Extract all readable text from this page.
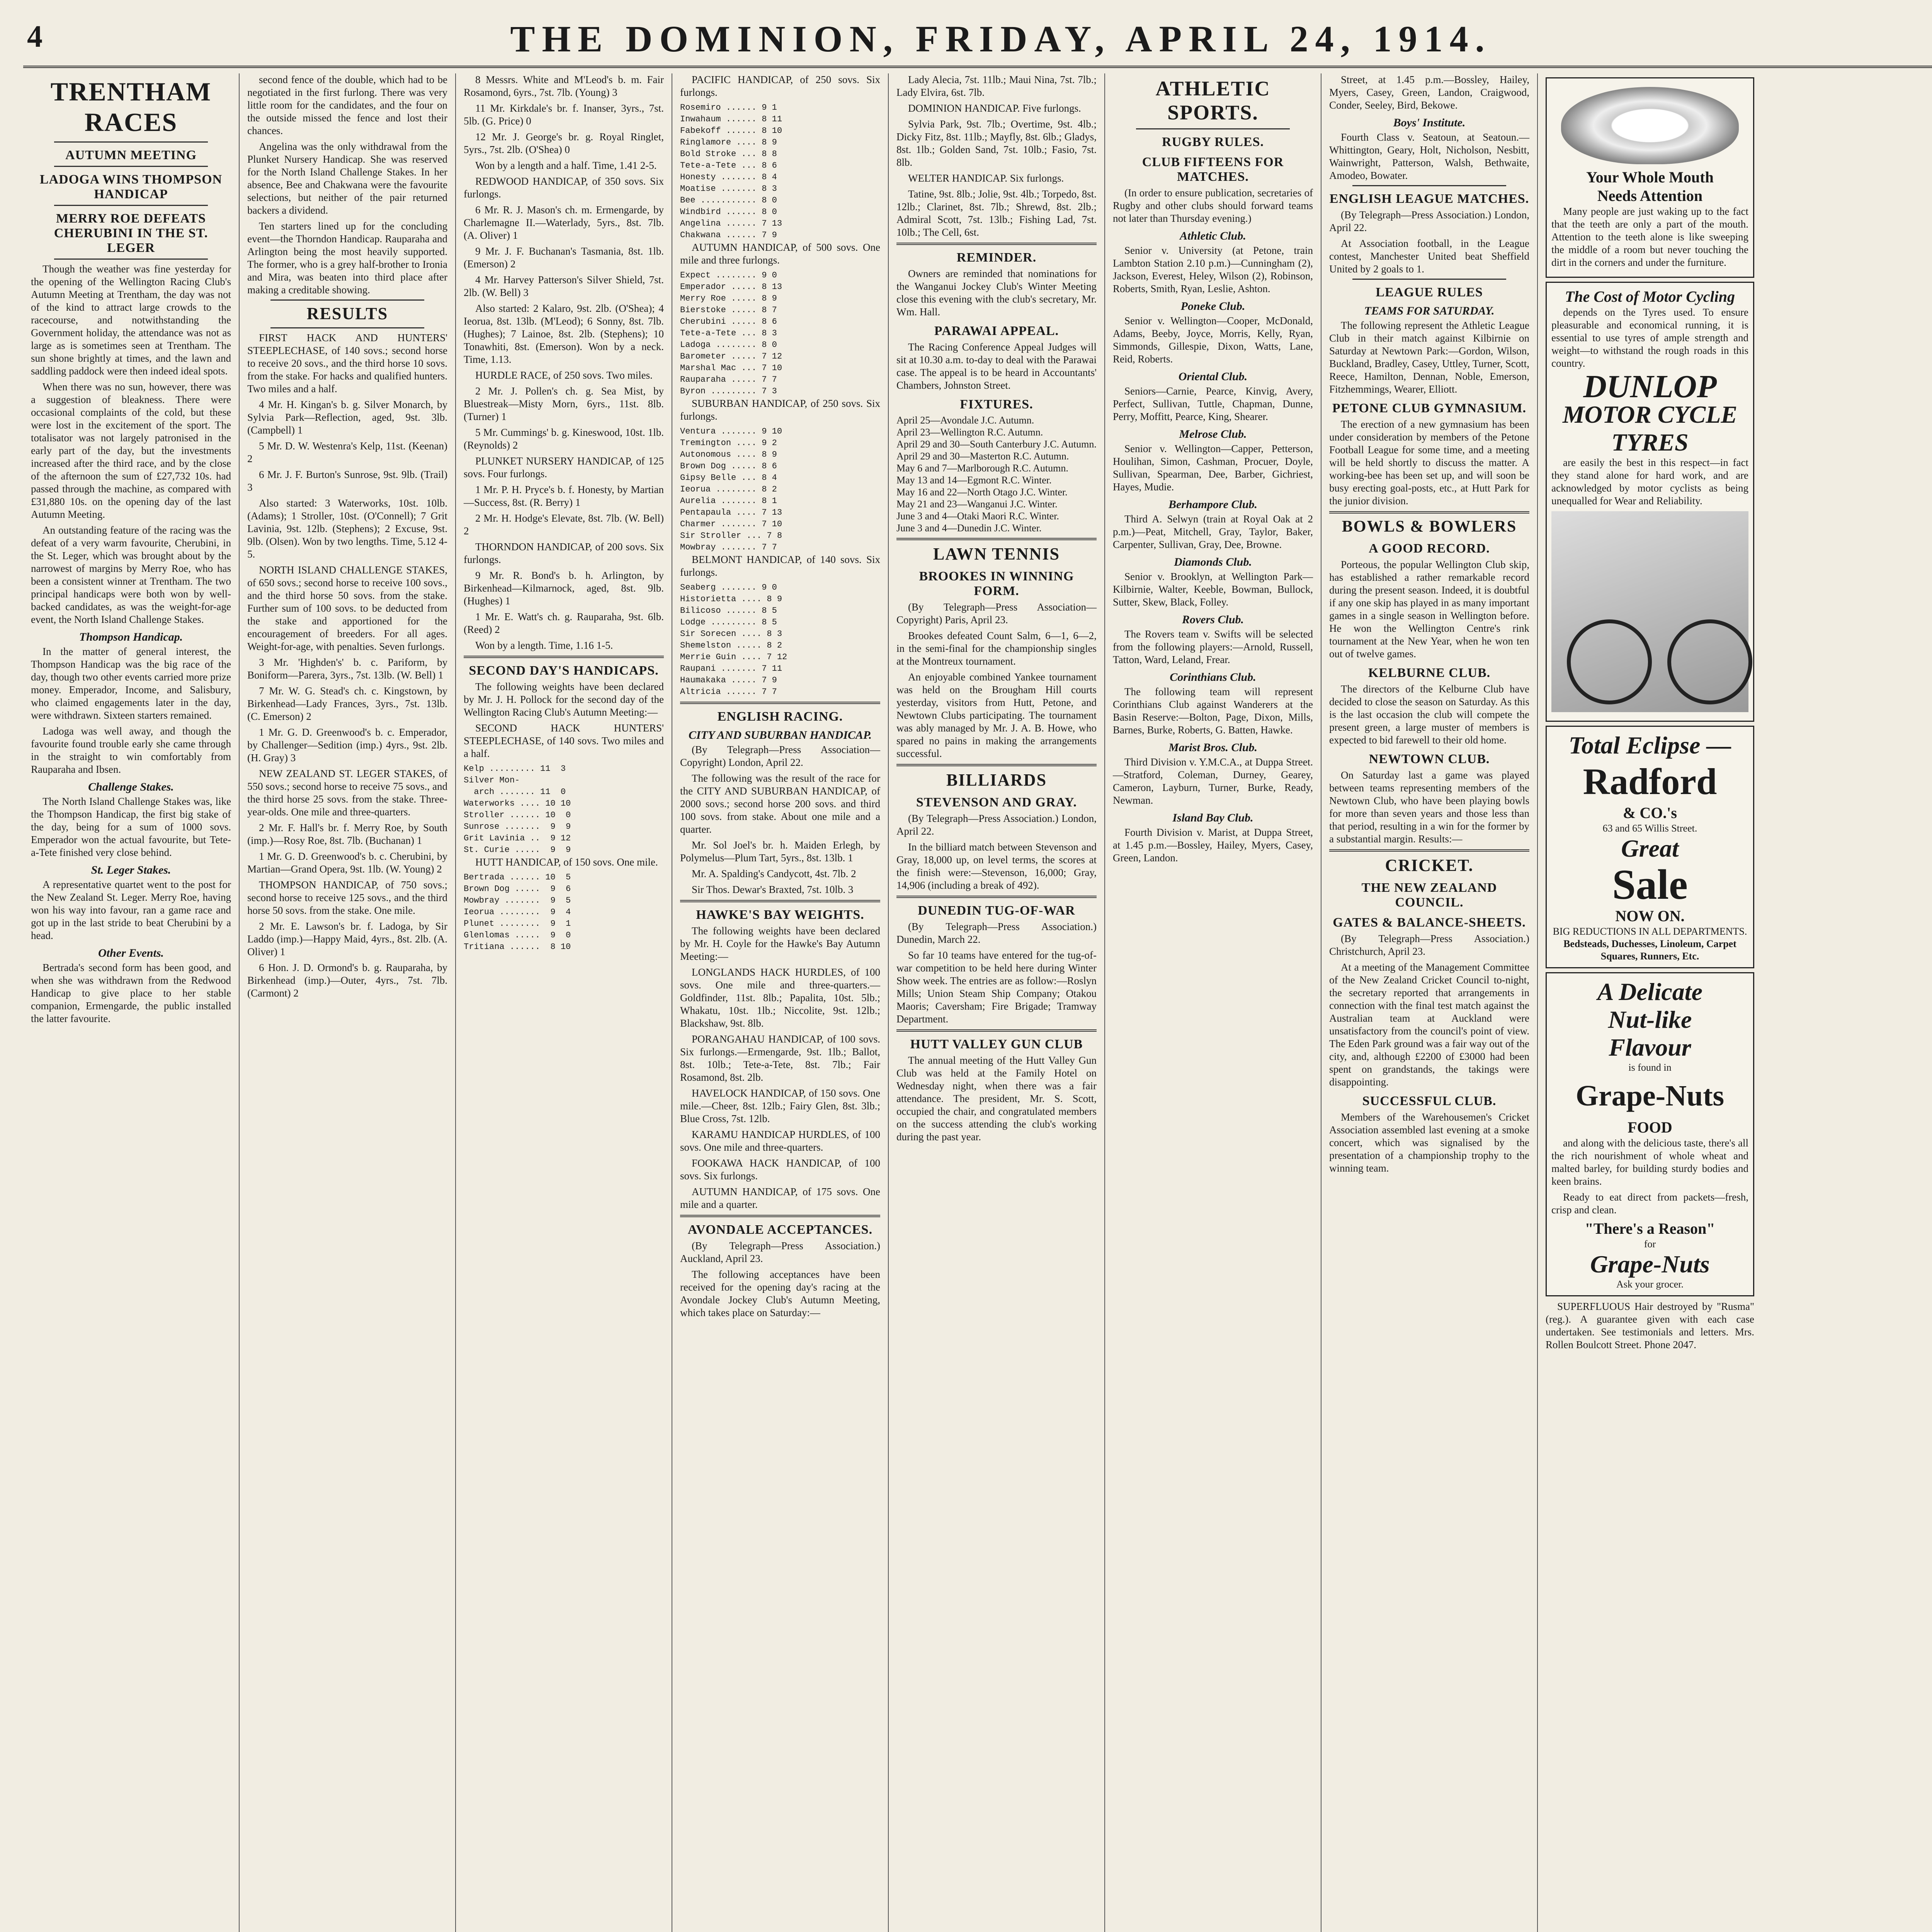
4	THE DOMINION, FRIDAY, APRIL 24, 1914.
TRENTHAM RACES
AUTUMN MEETING
LADOGA WINS THOMPSON HANDICAP
MERRY ROE DEFEATS CHERUBINI IN THE ST. LEGER

Though the weather was fine yesterday for the opening of the Wellington Racing Club's Autumn Meeting at Trentham, the day was not of the kind to attract large crowds to the racecourse, and notwithstanding the Government holiday, the attendance was not as large as is sometimes seen at Trentham. The sun shone brightly at times, and the lawn and saddling paddock were then indeed ideal spots.

When there was no sun, however, there was a suggestion of bleakness. There were occasional complaints of the cold, but these were lost in the excitement of the sport. The totalisator was not largely patronised in the early part of the day, but the investments increased after the third race, and by the close of the afternoon the sum of £27,732 10s. had passed through the machine, as compared with £31,880 10s. on the opening day of the last Autumn Meeting.

An outstanding feature of the racing was the defeat of a very warm favourite, Cherubini, in the St. Leger, which was brought about by the narrowest of margins by Merry Roe, who has been a consistent winner at Trentham. The two principal handicaps were both won by well-backed candidates, as was the weight-for-age event, the North Island Challenge Stakes.

Thompson Handicap.

In the matter of general interest, the Thompson Handicap was the big race of the day, though two other events carried more prize money. Emperador, Income, and Salisbury, who claimed engagements later in the day, were withdrawn. Sixteen starters remained.

Ladoga was well away, and though the favourite found trouble early she came through in the straight to win comfortably from Rauparaha and Ibsen.

Challenge Stakes.

The North Island Challenge Stakes was, like the Thompson Handicap, the first big stake of the day, being for a sum of 1000 sovs. Emperador won the actual favourite, but Tete-a-Tete finished very close behind.

St. Leger Stakes.

A representative quartet went to the post for the New Zealand St. Leger. Merry Roe, having won his way into favour, ran a game race and got up in the last stride to beat Cherubini by a head.

Other Events.

Bertrada's second form has been good, and when she was withdrawn from the Redwood Handicap to give place to her stable companion, Ermengarde, the public installed the latter favourite.

second fence of the double, which had to be negotiated in the first furlong. There was very little room for the candidates, and the four on the outside missed the fence and lost their chances.

Angelina was the only withdrawal from the Plunket Nursery Handicap. She was reserved for the North Island Challenge Stakes. In her absence, Bee and Chakwana were the favourite selections, but neither of the pair returned backers a dividend.

Ten starters lined up for the concluding event—the Thorndon Handicap. Rauparaha and Arlington being the most heavily supported. The former, who is a grey half-brother to Ironia and Mira, was beaten into third place after making a creditable showing.

RESULTS

FIRST HACK AND HUNTERS' STEEPLECHASE, of 140 sovs.; second horse to receive 20 sovs., and the third horse 10 sovs. from the stake. For hacks and qualified hunters. Two miles and a half.

4 Mr. H. Kingan's b. g. Silver Monarch, by Sylvia Park—Reflection, aged, 9st. 3lb. (Campbell) 1

5 Mr. D. W. Westenra's Kelp, 11st. (Keenan) 2

6 Mr. J. F. Burton's Sunrose, 9st. 9lb. (Trail) 3

Also started: 3 Waterworks, 10st. 10lb. (Adams); 1 Stroller, 10st. (O'Connell); 7 Grit Lavinia, 9st. 12lb. (Stephens); 2 Excuse, 9st. 9lb. (Olsen). Won by two lengths. Time, 5.12 4-5.

NORTH ISLAND CHALLENGE STAKES, of 650 sovs.; second horse to receive 100 sovs., and the third horse 50 sovs. from the stake. Further sum of 100 sovs. to be deducted from the stake and apportioned for the encouragement of breeders. For all ages. Weight-for-age, with penalties. Seven furlongs.

3 Mr. 'Highden's' b. c. Pariform, by Boniform—Parera, 3yrs., 7st. 13lb. (W. Bell) 1

7 Mr. W. G. Stead's ch. c. Kingstown, by Birkenhead—Lady Frances, 3yrs., 7st. 13lb. (C. Emerson) 2

1 Mr. G. D. Greenwood's b. c. Emperador, by Challenger—Sedition (imp.) 4yrs., 9st. 2lb. (H. Gray) 3

NEW ZEALAND ST. LEGER STAKES, of 550 sovs.; second horse to receive 75 sovs., and the third horse 25 sovs. from the stake. Three-year-olds. One mile and three-quarters.

2 Mr. F. Hall's br. f. Merry Roe, by South (imp.)—Rosy Roe, 8st. 7lb. (Buchanan) 1

1 Mr. G. D. Greenwood's b. c. Cherubini, by Martian—Grand Opera, 9st. 1lb. (W. Young) 2

THOMPSON HANDICAP, of 750 sovs.; second horse to receive 125 sovs., and the third horse 50 sovs. from the stake. One mile.

2 Mr. E. Lawson's br. f. Ladoga, by Sir Laddo (imp.)—Happy Maid, 4yrs., 8st. 2lb. (A. Oliver) 1

6 Hon. J. D. Ormond's b. g. Rauparaha, by Birkenhead (imp.)—Outer, 4yrs., 7st. 7lb. (Carmont) 2

8 Messrs. White and M'Leod's b. m. Fair Rosamond, 6yrs., 7st. 7lb. (Young) 3

11 Mr. Kirkdale's br. f. Inanser, 3yrs., 7st. 5lb. (G. Price) 0

12 Mr. J. George's br. g. Royal Ringlet, 5yrs., 7st. 2lb. (O'Shea) 0

Won by a length and a half. Time, 1.41 2-5.

REDWOOD HANDICAP, of 350 sovs. Six furlongs.

6 Mr. R. J. Mason's ch. m. Ermengarde, by Charlemagne II.—Waterlady, 5yrs., 8st. 7lb. (A. Oliver) 1

9 Mr. J. F. Buchanan's Tasmania, 8st. 1lb. (Emerson) 2

4 Mr. Harvey Patterson's Silver Shield, 7st. 2lb. (W. Bell) 3

Also started: 2 Kalaro, 9st. 2lb. (O'Shea); 4 Ieorua, 8st. 13lb. (M'Leod); 6 Sonny, 8st. 7lb. (Hughes); 7 Lainoe, 8st. 2lb. (Stephens); 10 Tonawhiti, 8st. (Emerson). Won by a neck. Time, 1.13.

HURDLE RACE, of 250 sovs. Two miles.

2 Mr. J. Pollen's ch. g. Sea Mist, by Bluestreak—Misty Morn, 6yrs., 11st. 8lb. (Turner) 1

5 Mr. Cummings' b. g. Kineswood, 10st. 1lb. (Reynolds) 2

PLUNKET NURSERY HANDICAP, of 125 sovs. Four furlongs.

1 Mr. P. H. Pryce's b. f. Honesty, by Martian—Success, 8st. (R. Berry) 1

2 Mr. H. Hodge's Elevate, 8st. 7lb. (W. Bell) 2

THORNDON HANDICAP, of 200 sovs. Six furlongs.

9 Mr. R. Bond's b. h. Arlington, by Birkenhead—Kilmarnock, aged, 8st. 9lb. (Hughes) 1

1 Mr. E. Watt's ch. g. Rauparaha, 9st. 6lb. (Reed) 2

Won by a length. Time, 1.16 1-5.

SECOND DAY'S HANDICAPS.

The following weights have been declared by Mr. J. H. Pollock for the second day of the Wellington Racing Club's Autumn Meeting:—

SECOND HACK HUNTERS' STEEPLECHASE, of 140 sovs. Two miles and a half.

Kelp ......... 11  3
Silver Mon-
arch ....... 11  0
Waterworks .... 10 10
Stroller ...... 10  0
Sunrose .......  9  9
Grit Lavinia ..  9 12
St. Curie .....  9  9

HUTT HANDICAP, of 150 sovs. One mile.

Bertrada ...... 10  5
Brown Dog .....  9  6
Mowbray .......  9  5
Ieorua ........  9  4
Plunet ........  9  1
Glenlomas .....  9  0
Tritiana ......  8 10

PACIFIC HANDICAP, of 250 sovs. Six furlongs.

Rosemiro ...... 9 1
Inwahaum ...... 8 11
Fabekoff ...... 8 10
Ringlamore .... 8 9
Bold Stroke ... 8 8
Tete-a-Tete ... 8 6
Honesty ....... 8 4
Moatise ....... 8 3
Bee ........... 8 0
Windbird ...... 8 0
Angelina ...... 7 13
Chakwana ...... 7 9

AUTUMN HANDICAP, of 500 sovs. One mile and three furlongs.

Expect ........ 9 0
Emperador ..... 8 13
Merry Roe ..... 8 9
Bierstoke ..... 8 7
Cherubini ..... 8 6
Tete-a-Tete ... 8 3
Ladoga ........ 8 0
Barometer ..... 7 12
Marshal Mac ... 7 10
Rauparaha ..... 7 7
Byron ......... 7 3

SUBURBAN HANDICAP, of 250 sovs. Six furlongs.

Ventura ....... 9 10
Tremington .... 9 2
Autonomous .... 8 9
Brown Dog ..... 8 6
Gipsy Belle ... 8 4
Ieorua ........ 8 2
Aurelia ....... 8 1
Pentapaula .... 7 13
Charmer ....... 7 10
Sir Stroller ... 7 8
Mowbray ....... 7 7

BELMONT HANDICAP, of 140 sovs. Six furlongs.

Seaberg ....... 9 0
Historietta .... 8 9
Bilicoso ...... 8 5
Lodge ......... 8 5
Sir Sorecen .... 8 3
Shemelston ..... 8 2
Merrie Guin .... 7 12
Raupani ....... 7 11
Haumakaka ..... 7 9
Altricia ...... 7 7
ENGLISH RACING.
CITY AND SUBURBAN HANDICAP.

(By Telegraph—Press Association—Copyright) London, April 22.

The following was the result of the race for the CITY AND SUBURBAN HANDICAP, of 2000 sovs.; second horse 200 sovs. and third 100 sovs. from stake. About one mile and a quarter.

Mr. Sol Joel's br. h. Maiden Erlegh, by Polymelus—Plum Tart, 5yrs., 8st. 13lb. 1

Mr. A. Spalding's Candycott, 4st. 7lb. 2

Sir Thos. Dewar's Braxted, 7st. 10lb. 3

HAWKE'S BAY WEIGHTS.

The following weights have been declared by Mr. H. Coyle for the Hawke's Bay Autumn Meeting:—

LONGLANDS HACK HURDLES, of 100 sovs. One mile and three-quarters.—Goldfinder, 11st. 8lb.; Papalita, 10st. 5lb.; Whakatu, 10st. 1lb.; Niccolite, 9st. 12lb.; Blackshaw, 9st. 8lb.

PORANGAHAU HANDICAP, of 100 sovs. Six furlongs.—Ermengarde, 9st. 1lb.; Ballot, 8st. 10lb.; Tete-a-Tete, 8st. 7lb.; Fair Rosamond, 8st. 2lb.

HAVELOCK HANDICAP, of 150 sovs. One mile.—Cheer, 8st. 12lb.; Fairy Glen, 8st. 3lb.; Blue Cross, 7st. 12lb.

KARAMU HANDICAP HURDLES, of 100 sovs. One mile and three-quarters.

FOOKAWA HACK HANDICAP, of 100 sovs. Six furlongs.

AUTUMN HANDICAP, of 175 sovs. One mile and a quarter.

AVONDALE ACCEPTANCES.

(By Telegraph—Press Association.) Auckland, April 23.

The following acceptances have been received for the opening day's racing at the Avondale Jockey Club's Autumn Meeting, which takes place on Saturday:—

Lady Alecia, 7st. 11lb.; Maui Nina, 7st. 7lb.; Lady Elvira, 6st. 7lb.

DOMINION HANDICAP. Five furlongs.

Sylvia Park, 9st. 7lb.; Overtime, 9st. 4lb.; Dicky Fitz, 8st. 11lb.; Mayfly, 8st. 6lb.; Gladys, 8st. 1lb.; Golden Sand, 7st. 10lb.; Fasio, 7st. 8lb.

WELTER HANDICAP. Six furlongs.

Tatine, 9st. 8lb.; Jolie, 9st. 4lb.; Torpedo, 8st. 12lb.; Clarinet, 8st. 7lb.; Shrewd, 8st. 2lb.; Admiral Scott, 7st. 13lb.; Fishing Lad, 7st. 10lb.; The Cell, 6st.

REMINDER.

Owners are reminded that nominations for the Wanganui Jockey Club's Winter Meeting close this evening with the club's secretary, Mr. Wm. Hall.

PARAWAI APPEAL.

The Racing Conference Appeal Judges will sit at 10.30 a.m. to-day to deal with the Parawai case. The appeal is to be heard in Accountants' Chambers, Johnston Street.

FIXTURES.
April 25—Avondale J.C. Autumn.
April 23—Wellington R.C. Autumn.
April 29 and 30—South Canterbury J.C. Autumn.
April 29 and 30—Masterton R.C. Autumn.
May 6 and 7—Marlborough R.C. Autumn.
May 13 and 14—Egmont R.C. Winter.
May 16 and 22—North Otago J.C. Winter.
May 21 and 23—Wanganui J.C. Winter.
June 3 and 4—Otaki Maori R.C. Winter.
June 3 and 4—Dunedin J.C. Winter.
LAWN TENNIS
BROOKES IN WINNING FORM.

(By Telegraph—Press Association—Copyright) Paris, April 23.

Brookes defeated Count Salm, 6—1, 6—2, in the semi-final for the championship singles at the Montreux tournament.

An enjoyable combined Yankee tournament was held on the Brougham Hill courts yesterday, visitors from Hutt, Petone, and Newtown Clubs participating. The tournament was ably managed by Mr. J. A. B. Howe, who spared no pains in making the arrangements successful.

BILLIARDS
STEVENSON AND GRAY.

(By Telegraph—Press Association.) London, April 22.

In the billiard match between Stevenson and Gray, 18,000 up, on level terms, the scores at the finish were:—Stevenson, 16,000; Gray, 14,906 (including a break of 492).

DUNEDIN TUG-OF-WAR

(By Telegraph—Press Association.) Dunedin, March 22.

So far 10 teams have entered for the tug-of-war competition to be held here during Winter Show week. The entries are as follow:—Roslyn Mills; Union Steam Ship Company; Otakou Maoris; Caversham; Fire Brigade; Tramway Department.

HUTT VALLEY GUN CLUB

The annual meeting of the Hutt Valley Gun Club was held at the Family Hotel on Wednesday night, when there was a fair attendance. The president, Mr. S. Scott, occupied the chair, and congratulated members on the success attending the club's working during the past year.

ATHLETIC SPORTS.
RUGBY RULES.
CLUB FIFTEENS FOR MATCHES.

(In order to ensure publication, secretaries of Rugby and other clubs should forward teams not later than Thursday evening.)

Athletic Club.

Senior v. University (at Petone, train Lambton Station 2.10 p.m.)—Cunningham (2), Jackson, Everest, Heley, Wilson (2), Robinson, Roberts, Smith, Ryan, Leslie, Ashton.

Poneke Club.

Senior v. Wellington—Cooper, McDonald, Adams, Beeby, Joyce, Morris, Kelly, Ryan, Simmonds, Gillespie, Dixon, Watts, Lane, Reid, Roberts.

Oriental Club.

Seniors—Carnie, Pearce, Kinvig, Avery, Perfect, Sullivan, Tuttle, Chapman, Dunne, Perry, Moffitt, Pearce, King, Shearer.

Melrose Club.

Senior v. Wellington—Capper, Petterson, Houlihan, Simon, Cashman, Procuer, Doyle, Sullivan, Spearman, Dee, Barber, Gichriest, Hayes, Mudie.

Berhampore Club.

Third A. Selwyn (train at Royal Oak at 2 p.m.)—Peat, Mitchell, Gray, Taylor, Baker, Carpenter, Sullivan, Gray, Dee, Browne.

Diamonds Club.

Senior v. Brooklyn, at Wellington Park—Kilbirnie, Walter, Keeble, Bowman, Bullock, Sutter, Skew, Black, Folley.

Rovers Club.

The Rovers team v. Swifts will be selected from the following players:—Arnold, Russell, Tatton, Ward, Leland, Frear.

Corinthians Club.

The following team will represent Corinthians Club against Wanderers at the Basin Reserve:—Bolton, Page, Dixon, Mills, Barnes, Burke, Roberts, G. Batten, Hawke.

Marist Bros. Club.

Third Division v. Y.M.C.A., at Duppa Street.—Stratford, Coleman, Durney, Gearey, Cameron, Layburn, Turner, Burke, Ready, Newman.

Island Bay Club.

Fourth Division v. Marist, at Duppa Street, at 1.45 p.m.—Bossley, Hailey, Myers, Casey, Green, Landon.

Street, at 1.45 p.m.—Bossley, Hailey, Myers, Casey, Green, Landon, Craigwood, Conder, Seeley, Bird, Bekowe.

Boys' Institute.

Fourth Class v. Seatoun, at Seatoun.—Whittington, Geary, Holt, Nicholson, Nesbitt, Wainwright, Patterson, Walsh, Bethwaite, Amodeo, Bowater.

ENGLISH LEAGUE MATCHES.

(By Telegraph—Press Association.) London, April 22.

At Association football, in the League contest, Manchester United beat Sheffield United by 2 goals to 1.

LEAGUE RULES
TEAMS FOR SATURDAY.

The following represent the Athletic League Club in their match against Kilbirnie on Saturday at Newtown Park:—Gordon, Wilson, Buckland, Bradley, Casey, Uttley, Turner, Scott, Reece, Hamilton, Dennan, Noble, Emerson, Fitzhemmings, Wearer, Elliott.

PETONE CLUB GYMNASIUM.

The erection of a new gymnasium has been under consideration by members of the Petone Football League for some time, and a meeting will be held shortly to discuss the matter. A working-bee has been set up, and will soon be busy erecting goal-posts, etc., at Hutt Park for the junior division.

BOWLS & BOWLERS
A GOOD RECORD.

Porteous, the popular Wellington Club skip, has established a rather remarkable record during the present season. Indeed, it is doubtful if any one skip has played in as many important games in a single season in Wellington before. He won the Wellington Centre's rink tournament at the New Year, when he won ten out of twelve games.

KELBURNE CLUB.

The directors of the Kelburne Club have decided to close the season on Saturday. As this is the last occasion the club will compete the present green, a large muster of members is expected to bid farewell to their old home.

NEWTOWN CLUB.

On Saturday last a game was played between teams representing members of the Newtown Club, who have been playing bowls for more than seven years and those less than that period, resulting in a win for the former by a substantial margin. Results:—

CRICKET.
THE NEW ZEALAND COUNCIL.
GATES & BALANCE-SHEETS.

(By Telegraph—Press Association.) Christchurch, April 23.

At a meeting of the Management Committee of the New Zealand Cricket Council to-night, the secretary reported that arrangements in connection with the final test match against the Australian team at Auckland were unsatisfactory from the council's point of view. The Eden Park ground was a fair way out of the city, and, although £2200 of £3000 had been spent on grandstands, the takings were disappointing.

SUCCESSFUL CLUB.

Members of the Warehousemen's Cricket Association assembled last evening at a smoke concert, which was signalised by the presentation of a championship trophy to the winning team.

Your Whole Mouth
Needs Attention

Many people are just waking up to the fact that the teeth are only a part of the mouth. Attention to the teeth alone is like sweeping the middle of a room but never touching the dirt in the corners and under the furniture.

The Cost of Motor Cycling

depends on the Tyres used. To ensure pleasurable and economical running, it is essential to use tyres of ample strength and weight—to withstand the rough roads in this country.

DUNLOP
MOTOR CYCLE
TYRES

are easily the best in this respect—in fact they stand alone for hard work, and are acknowledged by motor cyclists as being unequalled for Wear and Reliability.

Total Eclipse —
Radford
& CO.'s
63 and 65 Willis Street.
Great
Sale
NOW ON.
BIG REDUCTIONS IN ALL DEPARTMENTS.
Bedsteads, Duchesses, Linoleum, Carpet Squares, Runners, Etc.
A Delicate
Nut-like
Flavour
is found in
Grape-Nuts
FOOD

and along with the delicious taste, there's all the rich nourishment of whole wheat and malted barley, for building sturdy bodies and keen brains.

Ready to eat direct from packets—fresh, crisp and clean.

"There's a Reason"
for
Grape-Nuts
Ask your grocer.

SUPERFLUOUS Hair destroyed by "Rusma" (reg.). A guarantee given with each case undertaken. See testimonials and letters. Mrs. Rollen Boulcott Street. Phone 2047.
